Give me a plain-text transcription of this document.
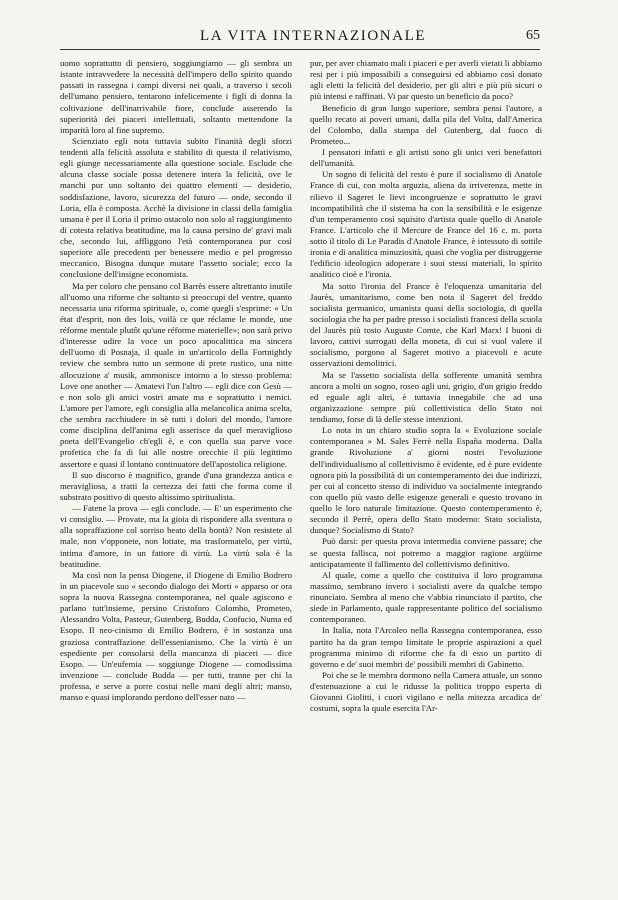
LA VITA INTERNAZIONALE	65

uomo soprattutto di pensiero, soggiungiamo — gli sembra un istante intravvedere la necessità dell'impero dello spirito quando passati in rassegna i campi diversi nei quali, a traverso i secoli dell'umano pensiero, tentarono infelicemente i figli di donna la coltivazione dell'inarrivabile fiore, conclude asserendo la superiorità dei piaceri intellettuali, soltanto mettendone la imparità loro al fine supremo.

Scienziato egli nota tuttavia subito l'inanità degli sforzi tendenti alla felicità assoluta e stabilito di questa il relativismo, egli giunge necessariamente alla questione sociale. Esclude che alcuna classe sociale possa detenere intera la felicità, ove le manchi pur uno soltanto dei quattro elementi — desiderio, soddisfazione, lavoro, sicurezza del futuro — onde, secondo il Loria, ella è composta. Acchè la divisione in classi della famiglia umana è per il Loria il primo ostacolo non solo al raggiungimento di cotesta relativa beatitudine, ma la causa persino de' gravi mali che, secondo lui, affliggono l'età contemporanea pur così superiore alle precedenti per benessere medio e pel progresso meccanico. Bisogna dunque mutare l'assetto sociale; ecco la conclusione dell'insigne economista.

Ma per coloro che pensano col Barrès essere altrettanto inutile all'uomo una riforme che soltanto si preoccupi del ventre, quanto necessaria una riforma spirituale, o, come quegli s'esprime: « Un état d'esprit, non des lois, voilà ce que réclame le monde, une réforme mentale plutôt qu'une réforme materielle»; non sarà privo d'interesse udire la voce un poco apocalittica ma sincera dell'uomo di Posnaja, il quale in un'articolo della Fortnightly review che sembra tutto un sermone di prete rustico, una nitte allocuzione a' musik, ammonisce intorno a lo stesso problema: Love one another — Amatevi l'un l'altro — egli dice con Gesù — e non solo gli amici vostri amate ma e soprattutto i nemici. L'amore per l'amore, egli consiglia alla melancolica anima scelta, che sembra racchiudere in sè tutti i dolori del mondo, l'amore come disciplina dell'anima egli asserisce da quel meraviglioso poeta dell'Evangelio ch'egli è, e con quella sua parve voce profetica che fa di lui alle nostre orecchie il più legittimo assertore e quasi il lontano continuatore dell'apostolica religione.

Il suo discorso è magnifico, grande d'una grandezza antica e meravigliosa, a tratti la certezza dei fatti che forma come il substrato positivo di questo altissimo spiritualista.

— Fatene la prova — egli conclude. — E' un esperimento che vi consiglio. — Provate, ma la gioia di rispondere alla sventura o alla sopraffazione col sorriso beato della bontà? Non resistete al male, non v'opponete, non lottate, ma trasformatelo, per virtù, intima d'amore, in un fattore di virtù. La virtù sola è la beatitudine.

Ma così non la pensa Diogene, il Diogene di Emilio Bodrero in un piacevole suo « secondo dialogo dei Morti » apparso or ora sopra la nuova Rassegna contemporanea, nel quale agiscono e parlano tutt'insieme, persino Cristoforo Colombo, Prometeo, Alessandro Volta, Pasteur, Gutenberg, Budda, Confucio, Numa ed Esopo. Il neo-cinismo di Emilio Bodrero, è in sostanza una graziosa contraffazione dell'essenianismo. Che la virtù è un espediente per consolarsi della mancanza di piaceri — dice Esopo. — Un'eufemia — soggiunge Diogene — comodissima invenzione — conclude Budda — per tutti, tranne per chi la professa, e serve a porre costui nelle mani degli altri; manso, manso e quasi implorando perdono dell'esser nato —

pur, per aver chiamato mali i piaceri e per averli vietati li abbiamo resi per i più impossibili a conseguirsi ed abbiamo così donato agli eletti la felicità del desiderio, per gli altri e più più sicuri o più intensi e raffinati. Vi par questo un beneficio da poco?

Beneficio di gran lungo superiore, sembra pensi l'autore, a quello recato ai poveri umani, dalla pila del Volta, dall'America del Colombo, dalla stampa del Gutenberg, dal fuoco di Prometeo...

I pensatori infatti e gli artisti sono gli unici veri benefattori dell'umanità.

Un sogno di felicità del resto è pure il socialismo di Anatole France di cui, con molta arguzia, aliena da irriverenza, mette in rilievo il Sageret le lievi incongruenze e soprattutto le gravi incompatibilità che il sistema ha con la sensibilità e le esigenze d'un temperamento così squisito d'artista quale quello di Anatole France. L'articolo che il Mercure de France del 16 c. m. porta sotto il titolo di Le Paradis d'Anatole France, è intessuto di sottile ironia e di analitica minuziosità, quasi che voglia per distruggerne l'edificio ideologico adoperare i suoi stessi materiali, lo spirito analitico cioè e l'ironia.

Ma sotto l'ironia del France è l'eloquenza umanitaria del Jaurès, umanitarismo, come ben nota il Sageret del freddo socialista germanico, umanista quasi della sociologia, di quella sociologia che ha per padre presso i socialisti francesi della scuola del Jaurès più tosto Auguste Comte, che Karl Marx! I buoni di lavoro, cattivi surrogati della moneta, di cui si vuol valere il socialismo, porgono al Sageret motivo a piacevoli e acute osservazioni demolitrici.

Ma se l'assetto socialista della sofferente umanità sembra ancora a molti un sogno, roseo agli uni, grigio, d'un grigio freddo ed eguale agli altri, è tuttavia innegabile che ad una organizzazione sempre più collettivistica dello Stato noi tendiamo, forse di là delle stesse intenzioni.

Lo nota in un chiaro studio sopra la « Evoluzione sociale contemporanea » M. Sales Ferrè nella España moderna. Dalla grande Rivoluzione a' giorni nostri l'evoluzione dell'individualismo al collettivismo è evidente, ed è pure evidente ognora più la possibilità di un contemperamento dei due indirizzi, per cui al concetto stesso di individuo va socialmente integrando con quello più vasto delle esigenze generali e questo trovano in quello le loro naturale limitazione. Questo contemperamento è, secondo il Perrè, opera dello Stato moderno: Stato socialista, dunque? Socialismo di Stato?

Può darsi: per questa prova intermedia conviene passare; che se questa fallisca, noi potremo a maggior ragione argüirne anticipatamente il fallimento del collettivismo definitivo.

Al quale, come a quello che costituiva il loro programma massimo, sembrano invero i socialisti avere da qualche tempo rinunciato. Sembra al meno che v'abbia rinunciato il partito, che siede in Parlamento, quale rappresentante politico del socialismo contemporaneo.

In Italia, nota l'Arcoleo nella Rassegna contemporanea, esso partito ha da gran tempo limitate le proprie aspirazioni a quel programma minimo di riforme che fa di esso un partito di governo e de' suoi membri de' possibili membri di Gabinetto.

Poi che se le membra dormono nella Camera attuale, un sonno d'estenuazione a cui le ridusse la politica troppo esperta di Giovanni Giolitti, i cuori vigilano e nella mitezza arcadica de' costumi, sopra la quale esercita l'Ar-
